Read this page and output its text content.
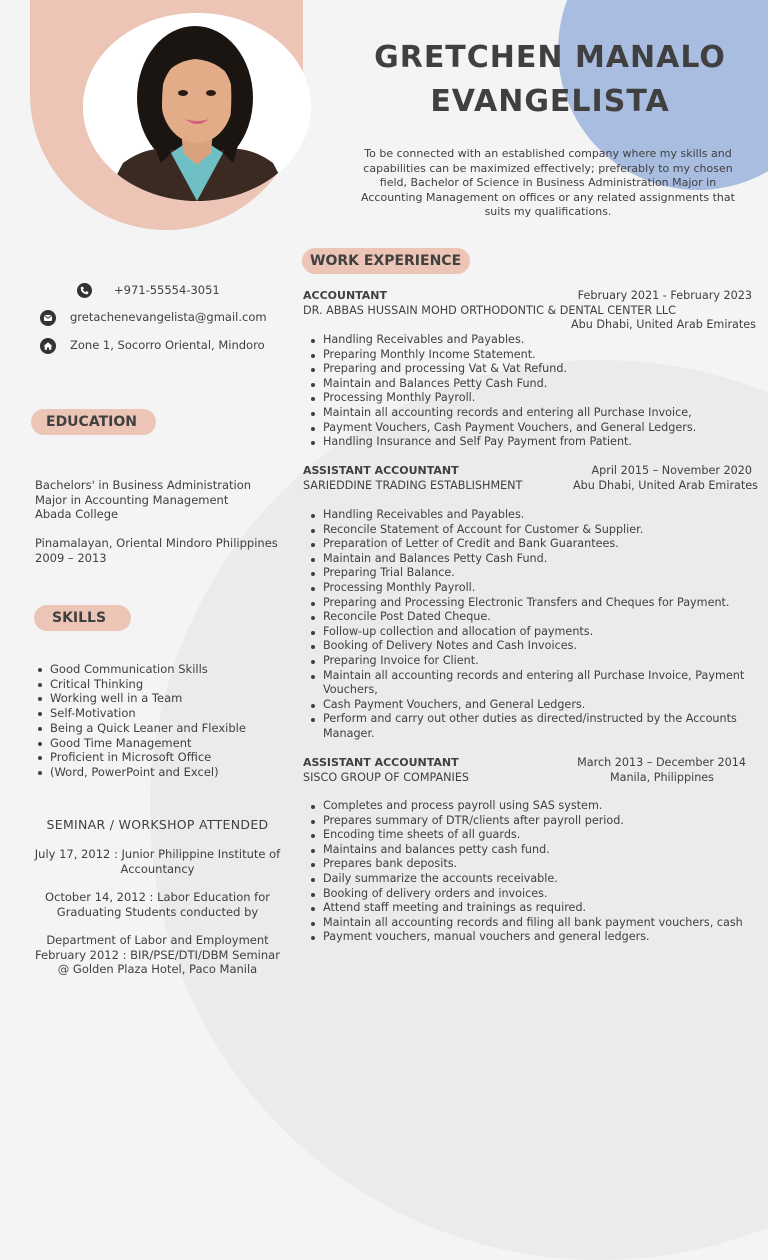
GRETCHEN MANALO
EVANGELISTA
To be connected with an established company where my skills and capabilities can be maximized effectively; preferably to my chosen field, Bachelor of Science in Business Administration Major in Accounting Management on offices or any related assignments that suits my qualifications.
+971-55554-3051
gretachenevangelista@gmail.com
Zone 1, Socorro Oriental, Mindoro
EDUCATION
Bachelors' in Business Administration
Major in Accounting Management
Abada College
Pinamalayan, Oriental Mindoro Philippines
2009 – 2013
SKILLS
Good Communication Skills
Critical Thinking
Working well in a Team
Self-Motivation
Being a Quick Leaner and Flexible
Good Time Management
Proficient in Microsoft Office
(Word, PowerPoint and Excel)
SEMINAR / WORKSHOP ATTENDED

July 17, 2012 : Junior Philippine Institute of Accountancy

October 14, 2012 : Labor Education for Graduating Students conducted by

Department of Labor and Employment February 2012 : BIR/PSE/DTI/DBM Seminar @ Golden Plaza Hotel, Paco Manila

WORK EXPERIENCE
ACCOUNTANT	February 2021 - February 2023
DR. ABBAS HUSSAIN MOHD ORTHODONTIC & DENTAL CENTER LLC
Abu Dhabi, United Arab Emirates
Handling Receivables and Payables.
Preparing Monthly Income Statement.
Preparing and processing Vat & Vat Refund.
Maintain and Balances Petty Cash Fund.
Processing Monthly Payroll.
Maintain all accounting records and entering all Purchase Invoice,
Payment Vouchers, Cash Payment Vouchers, and General Ledgers.
Handling Insurance and Self Pay Payment from Patient.
ASSISTANT ACCOUNTANT	April 2015 – November 2020
SARIEDDINE TRADING ESTABLISHMENT	Abu Dhabi, United Arab Emirates
Handling Receivables and Payables.
Reconcile Statement of Account for Customer & Supplier.
Preparation of Letter of Credit and Bank Guarantees.
Maintain and Balances Petty Cash Fund.
Preparing Trial Balance.
Processing Monthly Payroll.
Preparing and Processing Electronic Transfers and Cheques for Payment.
Reconcile Post Dated Cheque.
Follow-up collection and allocation of payments.
Booking of Delivery Notes and Cash Invoices.
Preparing Invoice for Client.
Maintain all accounting records and entering all Purchase Invoice, Payment Vouchers,
Cash Payment Vouchers, and General Ledgers.
Perform and carry out other duties as directed/instructed by the Accounts Manager.
ASSISTANT ACCOUNTANT	March 2013 – December 2014
SISCO GROUP OF COMPANIES	Manila, Philippines
Completes and process payroll using SAS system.
Prepares summary of DTR/clients after payroll period.
Encoding time sheets of all guards.
Maintains and balances petty cash fund.
Prepares bank deposits.
Daily summarize the accounts receivable.
Booking of delivery orders and invoices.
Attend staff meeting and trainings as required.
Maintain all accounting records and filing all bank payment vouchers, cash
Payment vouchers, manual vouchers and general ledgers.
